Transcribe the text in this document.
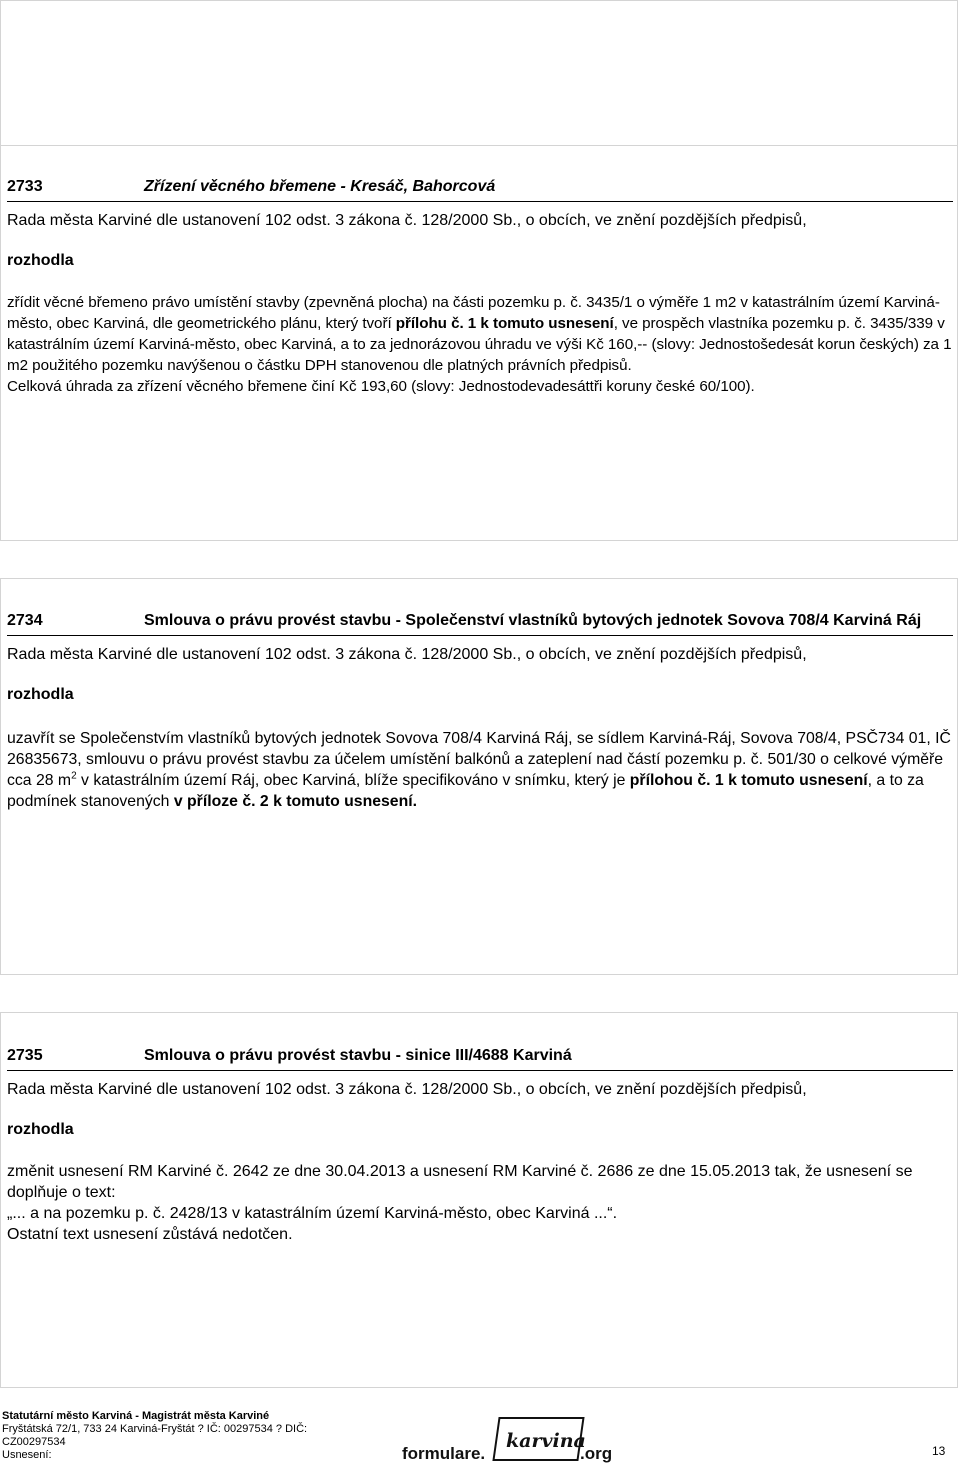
2733	Zřízení věcného břemene - Kresáč, Bahorcová
Rada města Karviné dle ustanovení 102 odst. 3 zákona č. 128/2000 Sb., o obcích, ve znění pozdějších předpisů,
rozhodla

zřídit věcné břemeno právo umístění stavby (zpevněná plocha) na části pozemku p. č. 3435/1 o výměře 1 m2 v katastrálním území Karviná-město, obec Karviná, dle geometrického plánu, který tvoří přílohu č. 1 k tomuto usnesení, ve prospěch vlastníka pozemku p. č. 3435/339 v katastrálním území Karviná-město, obec Karviná, a to za jednorázovou úhradu ve výši Kč 160,-- (slovy: Jednostošedesát korun českých) za 1 m2 použitého pozemku navýšenou o částku DPH stanovenou dle platných právních předpisů.

Celková úhrada za zřízení věcného břemene činí Kč 193,60 (slovy: Jednostodevadesáttři koruny české 60/100).

2734	Smlouva o právu provést stavbu - Společenství vlastníků bytových jednotek Sovova 708/4 Karviná Ráj
Rada města Karviné dle ustanovení 102 odst. 3 zákona č. 128/2000 Sb., o obcích, ve znění pozdějších předpisů,
rozhodla

uzavřít se Společenstvím vlastníků bytových jednotek Sovova 708/4 Karviná Ráj, se sídlem Karviná-Ráj, Sovova 708/4, PSČ734 01, IČ 26835673, smlouvu o právu provést stavbu za účelem umístění balkónů a zateplení nad částí pozemku p. č. 501/30 o celkové výměře cca 28 $m^2$ v katastrálním území Ráj, obec Karviná, blíže specifikováno v snímku, který je přílohou č. 1 k tomuto usnesení, a to za podmínek stanovených v příloze č. 2 k tomuto usnesení.

2735	Smlouva o právu provést stavbu - sinice III/4688 Karviná
Rada města Karviné dle ustanovení 102 odst. 3 zákona č. 128/2000 Sb., o obcích, ve znění pozdějších předpisů,
rozhodla

změnit usnesení RM Karviné č. 2642 ze dne 30.04.2013 a usnesení RM Karviné č. 2686 ze dne 15.05.2013 tak, že usnesení se doplňuje o text:

„... a na pozemku p. č. 2428/13 v katastrálním území Karviná-město, obec Karviná ...“.

Ostatní text usnesení zůstává nedotčen.

Statutární město Karviná - Magistrát města Karviné
Fryštátská 72/1, 733 24 Karviná-Fryštát ? IČ: 00297534 ? DIČ:
CZ00297534
Usnesení:	formulare.
karvina
.org	13
